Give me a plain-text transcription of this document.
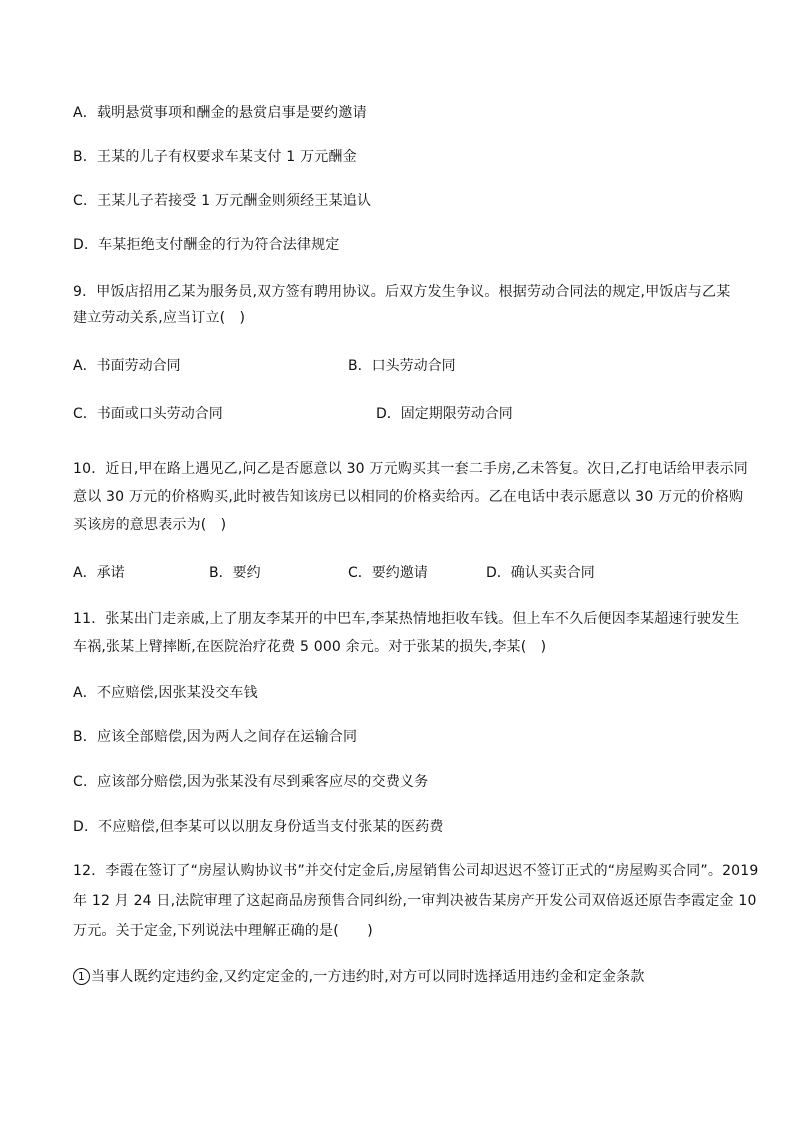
A．载明悬赏事项和酬金的悬赏启事是要约邀请
B．王某的儿子有权要求车某支付 1 万元酬金
C．王某儿子若接受 1 万元酬金则须经王某追认
D．车某拒绝支付酬金的行为符合法律规定
9．甲饭店招用乙某为服务员,双方签有聘用协议。后双方发生争议。根据劳动合同法的规定,甲饭店与乙某
建立劳动关系,应当订立(　)
A．书面劳动合同	B．口头劳动合同
C．书面或口头劳动合同	D．固定期限劳动合同
10．近日,甲在路上遇见乙,问乙是否愿意以 30 万元购买其一套二手房,乙未答复。次日,乙打电话给甲表示同
意以 30 万元的价格购买,此时被告知该房已以相同的价格卖给丙。乙在电话中表示愿意以 30 万元的价格购
买该房的意思表示为(　)
A．承诺	B．要约	C．要约邀请	D．确认买卖合同
11．张某出门走亲戚,上了朋友李某开的中巴车,李某热情地拒收车钱。但上车不久后便因李某超速行驶发生
车祸,张某上臂摔断,在医院治疗花费 5 000 余元。对于张某的损失,李某(　)
A．不应赔偿,因张某没交车钱
B．应该全部赔偿,因为两人之间存在运输合同
C．应该部分赔偿,因为张某没有尽到乘客应尽的交费义务
D．不应赔偿,但李某可以以朋友身份适当支付张某的医药费
12．李霞在签订了“房屋认购协议书”并交付定金后,房屋销售公司却迟迟不签订正式的“房屋购买合同”。2019
年 12 月 24 日,法院审理了这起商品房预售合同纠纷,一审判决被告某房产开发公司双倍返还原告李霞定金 10
万元。关于定金,下列说法中理解正确的是(　　)
1 当事人既约定违约金,又约定定金的,一方违约时,对方可以同时选择适用违约金和定金条款
